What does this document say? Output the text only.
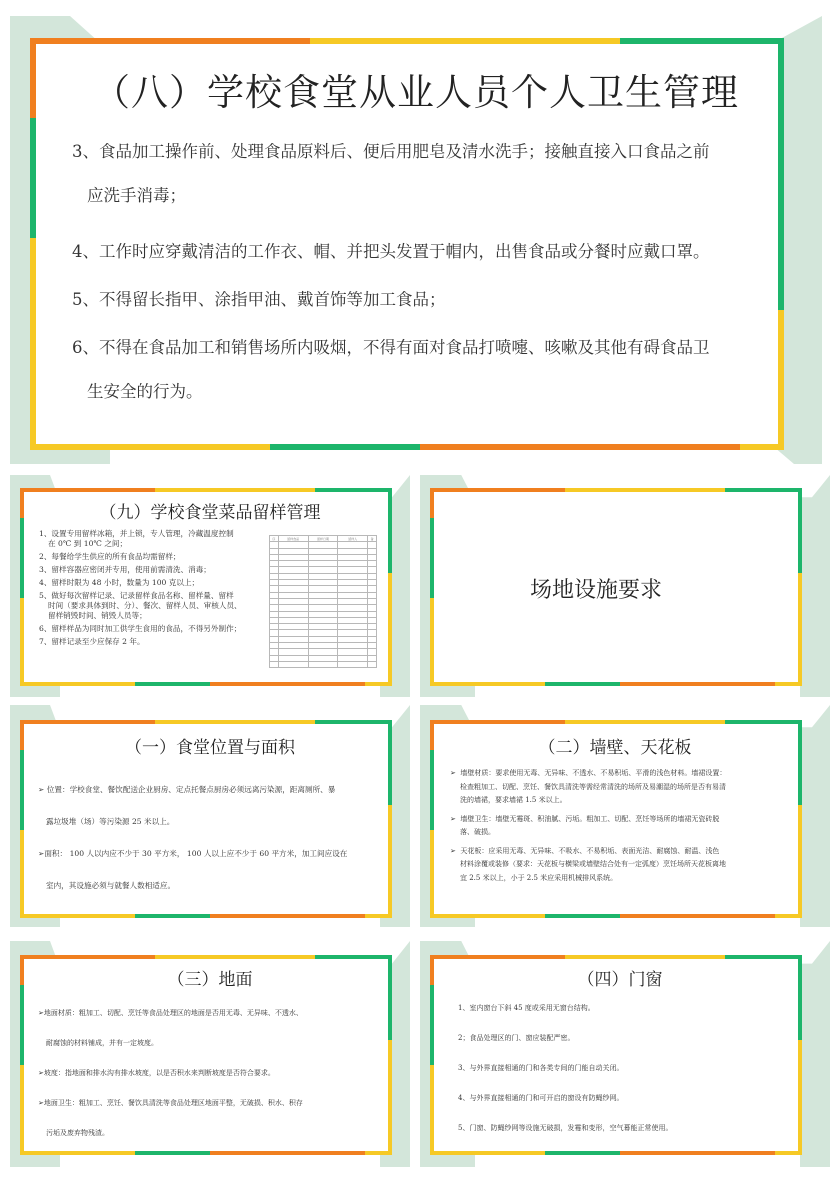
（八）学校食堂从业人员个人卫生管理

3、食品加工操作前、处理食品原料后、便后用肥皂及清水洗手；接触直接入口食品之前

应洗手消毒；

4、工作时应穿戴清洁的工作衣、帽、并把头发置于帽内，出售食品或分餐时应戴口罩。

5、不得留长指甲、涂指甲油、戴首饰等加工食品；

6、不得在食品加工和销售场所内吸烟，不得有面对食品打喷嚏、咳嗽及其他有碍食品卫

生安全的行为。

（九）学校食堂菜品留样管理

1、设置专用留样冰箱，并上锁，专人管理，冷藏温度控制

在 0℃ 到 10℃ 之间；

2、每餐给学生供应的所有食品均需留样；

3、留样容器应密闭并专用，使用前需清洗、消毒；

4、留样时限为 48 小时，数量为 100 克以上；

5、做好每次留样记录、记录留样食品名称、留样量、留样

时间（要求具体到时、分）、餐次、留样人员、审核人员、

留样销毁时间、销毁人员等；

6、留样样品为同时加工供学生食用的食品，不得另外制作；

7、留样记录至少应保存 2 年。

序	留样食品	留样日期	留样人	备

场地设施要求
（一）食堂位置与面积

➢ 位置：学校食堂、餐饮配送企业厨房、定点托餐点厨房必须远离污染源，距离厕所、暴

露垃圾堆（场）等污染源 25 米以上。

➢面积： 100 人以内应不少于 30 平方米， 100 人以上应不少于 60 平方米，加工间应设在

室内，其设施必须与就餐人数相适应。

（二）墙壁、天花板

➢ 墙壁材质：要求使用无毒、无异味、不透水、不易积垢、平滑的浅色材料。墙裙设置：

检查粗加工、切配、烹饪、餐饮具清洗等需经常清洗的场所及易潮湿的场所是否有易清

洗的墙裙，要求墙裙 1.5 米以上。

➢ 墙壁卫生：墙壁无霉斑、积油腻、污垢。粗加工、切配、烹饪等场所的墙裙无瓷砖脱

落、破损。

➢ 天花板：应采用无毒、无异味、不吸水、不易积垢、表面光洁、耐腐蚀、耐温、浅色

材料涂覆或装修（要求：天花板与横梁或墙壁结合处有一定弧度）烹饪场所天花板离地

宜 2.5 米以上，小于 2.5 米应采用机械排风系统。

（三）地面

➢地面材质：粗加工、切配、烹饪等食品处理区的地面是否用无毒、无异味、不透水、

耐腐蚀的材料铺成，并有一定坡度。

➢坡度：指地面和排水沟有排水坡度，以是否积水来判断坡度是否符合要求。

➢地面卫生：粗加工、烹饪、餐饮具清洗等食品处理区地面平整，无破损、积水、积存

污垢及废弃物残渣。

（四）门窗

1、室内窗台下斜 45 度或采用无窗台结构。

2；食品处理区的门、窗应装配严密。

3、与外界直接相通的门和各类专间的门能自动关闭。

4、与外界直接相通的门和可开启的窗设有防蝇纱网。

5、门窗、防蝇纱网等设施无破损，发霉和变形，空气幕能正常使用。
